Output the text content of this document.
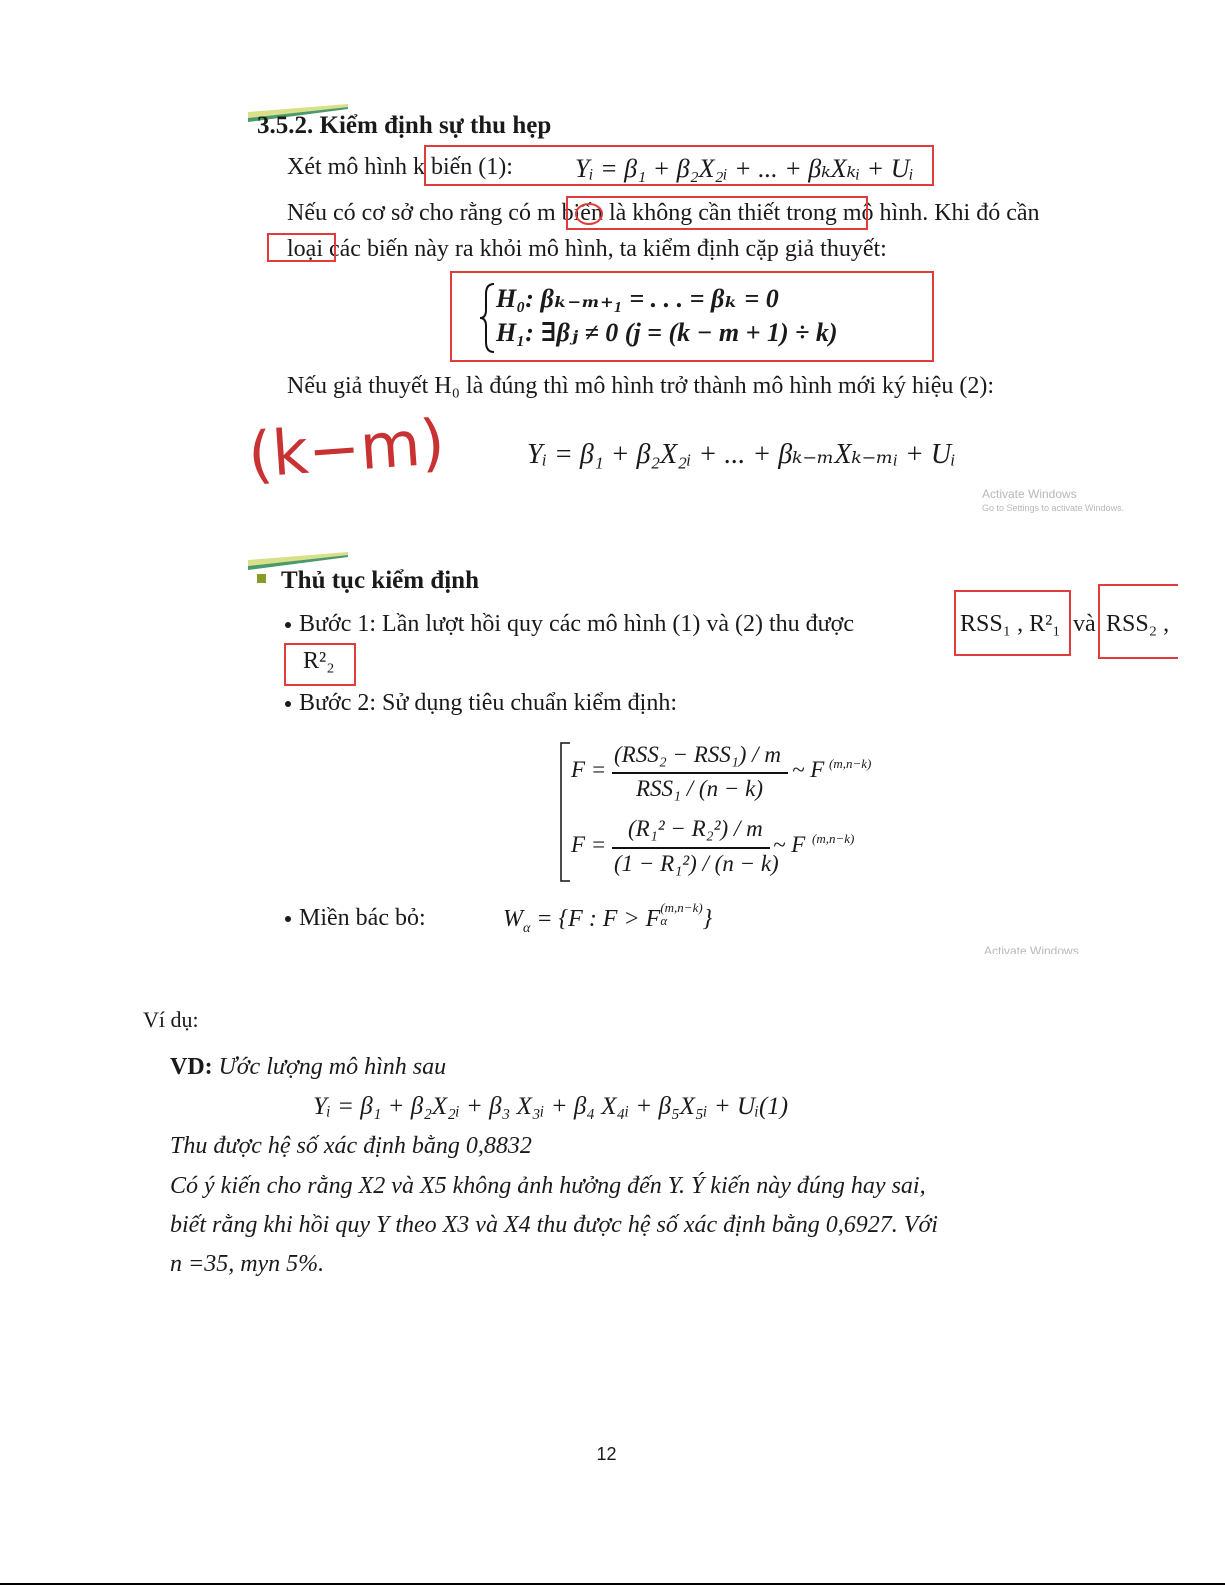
3.5.2. Kiểm định sự thu hẹp
Xét mô hình k biến (1): Yᵢ = β₁ + β₂X₂ᵢ + ... + βₖXₖᵢ + Uᵢ
Nếu có cơ sở cho rằng có m biến là không cần thiết trong mô hình. Khi đó cần
loại các biến này ra khỏi mô hình, ta kiểm định cặp giả thuyết:
H₀: βₖ₋ₘ₊₁ = . . . = βₖ = 0
H₁: ∃βⱼ ≠ 0 (j = (k − m + 1) ÷ k)
Nếu giả thuyết H₀ là đúng thì mô hình trở thành mô hình mới ký hiệu (2):
(k−m)	Yᵢ = β₁ + β₂X₂ᵢ + ... + βₖ₋ₘXₖ₋ₘᵢ + Uᵢ
Activate Windows
Go to Settings to activate Windows.
Thủ tục kiểm định
Bước 1: Lần lượt hồi quy các mô hình (1) và (2) thu được	RSS₁ , R²₁ và RSS₂ ,
R²₂
Bước 2: Sử dụng tiêu chuẩn kiểm định:
F =
(RSS₂ − RSS₁) / m
RSS₁ / (n − k)
~ F (m,n−k)
F =
(R₁² − R₂²) / m
(1 − R₁²) / (n − k)
~ F (m,n−k)
Miền bác bỏ:	$W_\alpha = \{F$ : F > F (m,n−k)
α	}
Activate Windows
Ví dụ:
VD: Ước lượng mô hình sau
Yᵢ = β₁ + β₂X₂ᵢ + β₃ X₃ᵢ + β₄ X₄ᵢ + β₅X₅ᵢ + Uᵢ(1)
Thu được hệ số xác định bằng 0,8832
Có ý kiến cho rằng X2 và X5 không ảnh hưởng đến Y. Ý kiến này đúng hay sai,
biết rằng khi hồi quy Y theo X3 và X4 thu được hệ số xác định bằng 0,6927. Với
n =35, myn 5%.
12
